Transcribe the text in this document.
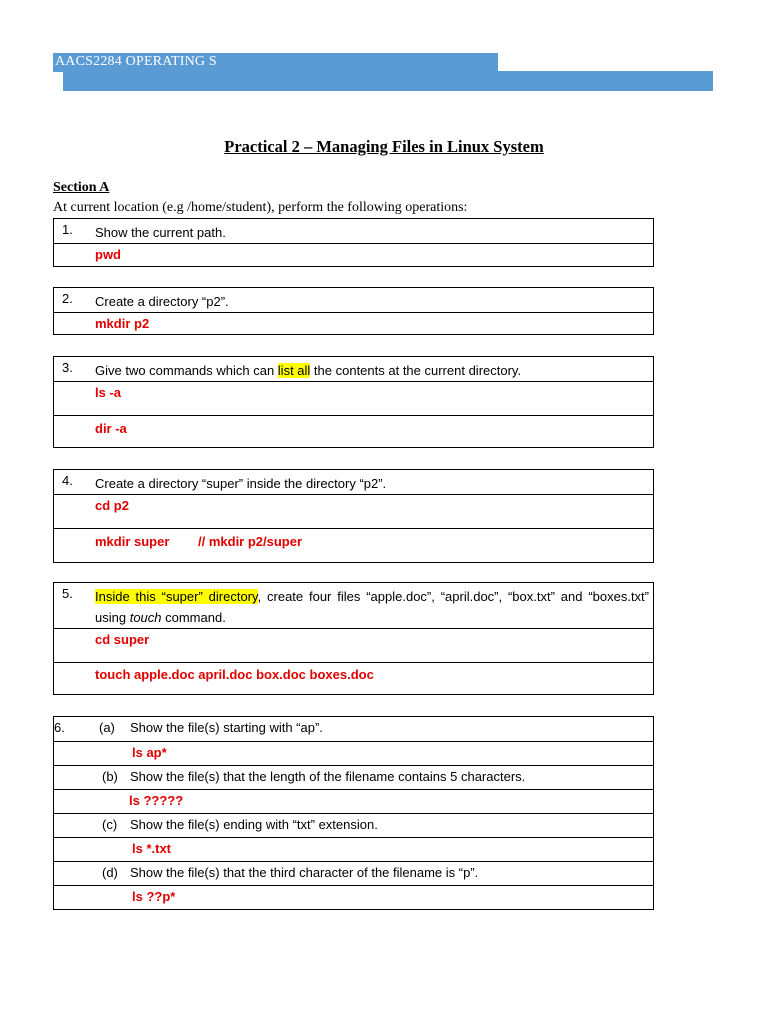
AACS2284 OPERATING S
Practical 2 – Managing Files in Linux System
Section A
At current location (e.g /home/student), perform the following operations:
1. Show the current path.
pwd
2. Create a directory “p2”.
mkdir p2
3. Give two commands which can list all the contents at the current directory.
ls -a
dir -a
4. Create a directory “super” inside the directory “p2”.
cd p2
mkdir super // mkdir p2/super
5. Inside this “super” directory, create four files “apple.doc”, “april.doc”, “box.txt” and “boxes.txt” using touch command.
cd super
touch apple.doc april.doc box.doc boxes.doc
6.	(a) Show the file(s) starting with “ap”.
ls ap*
(b) Show the file(s) that the length of the filename contains 5 characters.
ls ?????
(c) Show the file(s) ending with “txt” extension.
ls *.txt
(d) Show the file(s) that the third character of the filename is “p”.
ls ??p*
